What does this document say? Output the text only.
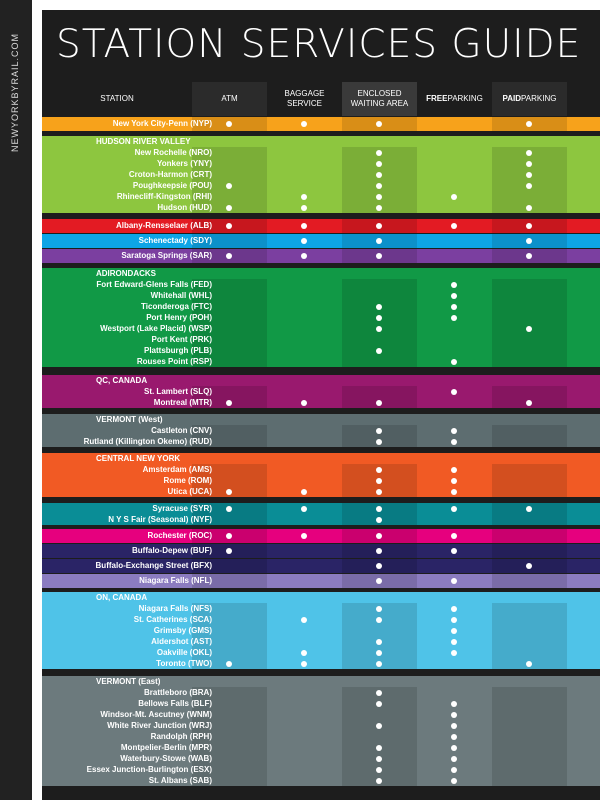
NEWYORKBYRAIL.COM STATION SERVICES GUIDE
STATION	ATM
BAGGAGE SERVICE
ENCLOSED WAITING AREA
FREE PARKING PAID PARKING
New York City-Penn (NYP)
HUDSON RIVER VALLEY
New Rochelle (NRO)
Yonkers (YNY)
Croton-Harmon (CRT)
Poughkeepsie (POU)
Rhinecliff-Kingston (RHI)
Hudson (HUD)
Albany-Rensselaer (ALB)
Schenectady (SDY)
Saratoga Springs (SAR)
ADIRONDACKS
Fort Edward-Glens Falls (FED)
Whitehall (WHL)
Ticonderoga (FTC)
Port Henry (POH)
Westport (Lake Placid) (WSP)
Port Kent (PRK)
Plattsburgh (PLB)
Rouses Point (RSP)
QC, CANADA
St. Lambert (SLQ)
Montreal (MTR)
VERMONT (West)
Castleton (CNV)
Rutland (Killington Okemo) (RUD)
CENTRAL NEW YORK
Amsterdam (AMS)
Rome (ROM)
Utica (UCA)
Syracuse (SYR)
N Y S Fair (Seasonal) (NYF)
Rochester (ROC)
Buffalo-Depew (BUF)
Buffalo-Exchange Street (BFX)
Niagara Falls (NFL)
ON, CANADA
Niagara Falls (NFS)
St. Catherines (SCA)
Grimsby (GMS)
Aldershot (AST)
Oakville (OKL)
Toronto (TWO)
VERMONT (East)
Brattleboro (BRA)
Bellows Falls (BLF)
Windsor-Mt. Ascutney (WNM)
White River Junction (WRJ)
Randolph (RPH)
Montpelier-Berlin (MPR)
Waterbury-Stowe (WAB)
Essex Junction-Burlington (ESX)
St. Albans (SAB)
